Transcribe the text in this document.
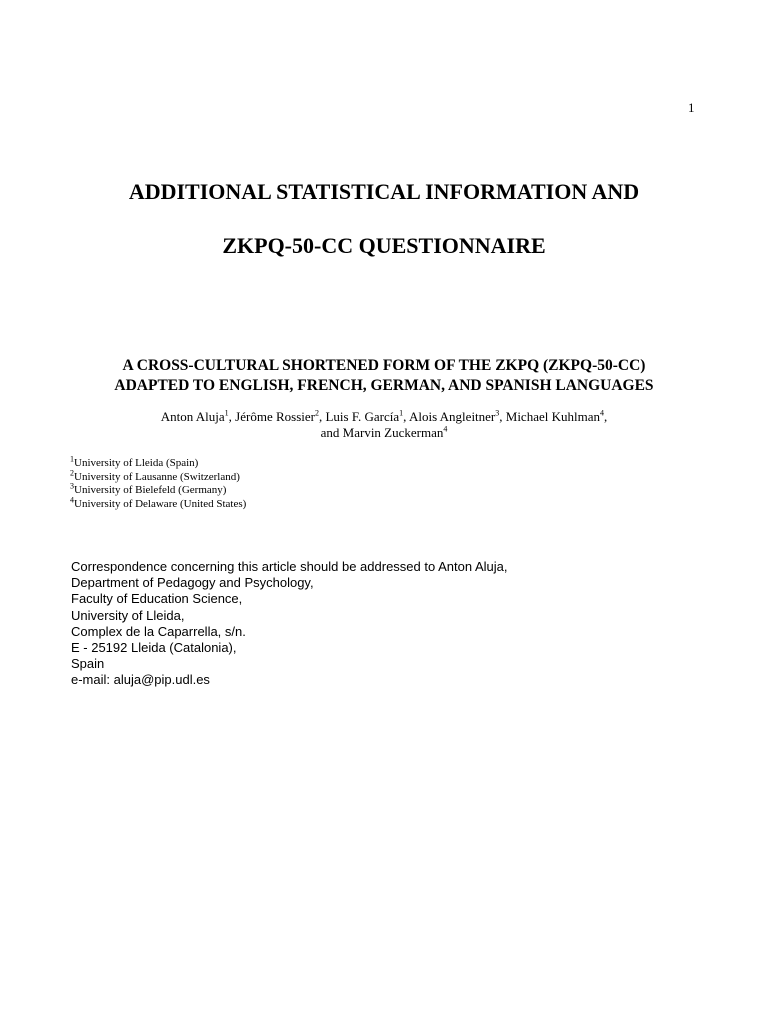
1
ADDITIONAL STATISTICAL INFORMATION AND
ZKPQ-50-CC QUESTIONNAIRE
A CROSS-CULTURAL SHORTENED FORM OF THE ZKPQ (ZKPQ-50-CC)
ADAPTED TO ENGLISH, FRENCH, GERMAN, AND SPANISH LANGUAGES
Anton Aluja$^1$, Jérôme Rossier$^2$, Luis F. García$^1$, Alois Angleitner$^3$, Michael Kuhlman$^4$,
and Marvin Zuckerman$^4$
$^1$University of Lleida (Spain)
$^2$University of Lausanne (Switzerland)
$^3$University of Bielefeld (Germany)
$^4$University of Delaware (United States)
Correspondence concerning this article should be addressed to Anton Aluja,
Department of Pedagogy and Psychology,
Faculty of Education Science,
University of Lleida,
Complex de la Caparrella, s/n.
E - 25192 Lleida (Catalonia),
Spain
e-mail: aluja@pip.udl.es
